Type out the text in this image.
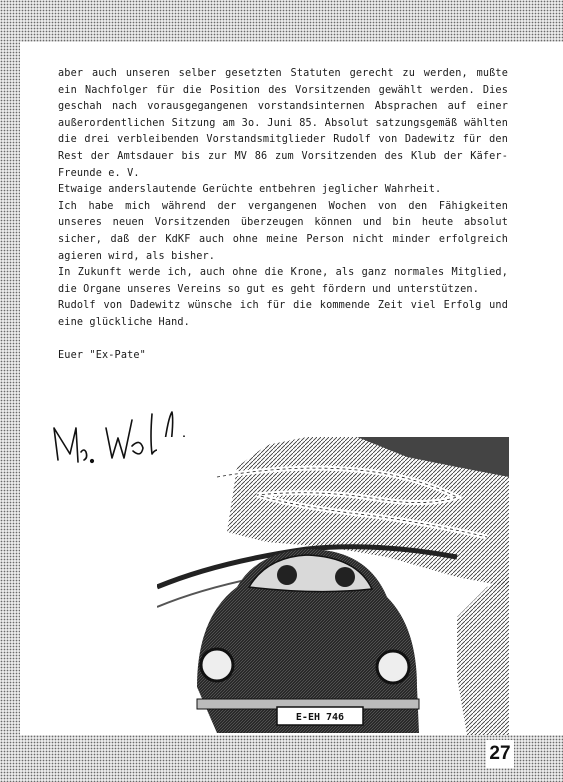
aber auch unseren selber gesetzten Statuten gerecht zu werden, mußte ein Nachfolger für die Position des Vorsitzenden gewählt werden. Dies geschah nach vorausgegangenen vorstandsinternen Absprachen auf einer außerordentlichen Sitzung am 3o. Juni 85. Absolut satzungsgemäß wählten die drei verbleibenden Vorstandsmitglieder Rudolf von Dadewitz für den Rest der Amtsdauer bis zur MV 86 zum Vorsitzenden des Klub der Käfer-Freunde e. V.

Etwaige anderslautende Gerüchte entbehren jeglicher Wahrheit.

Ich habe mich während der vergangenen Wochen von den Fähigkeiten unseres neuen Vorsitzenden überzeugen können und bin heute absolut sicher, daß der KdKF auch ohne meine Person nicht minder erfolgreich agieren wird, als bisher.

In Zukunft werde ich, auch ohne die Krone, als ganz normales Mitglied, die Organe unseres Vereins so gut es geht fördern und unterstützen.

Rudolf von Dadewitz wünsche ich für die kommende Zeit viel Erfolg und eine glückliche Hand.

Euer "Ex-Pate"

E-EH 746
27
